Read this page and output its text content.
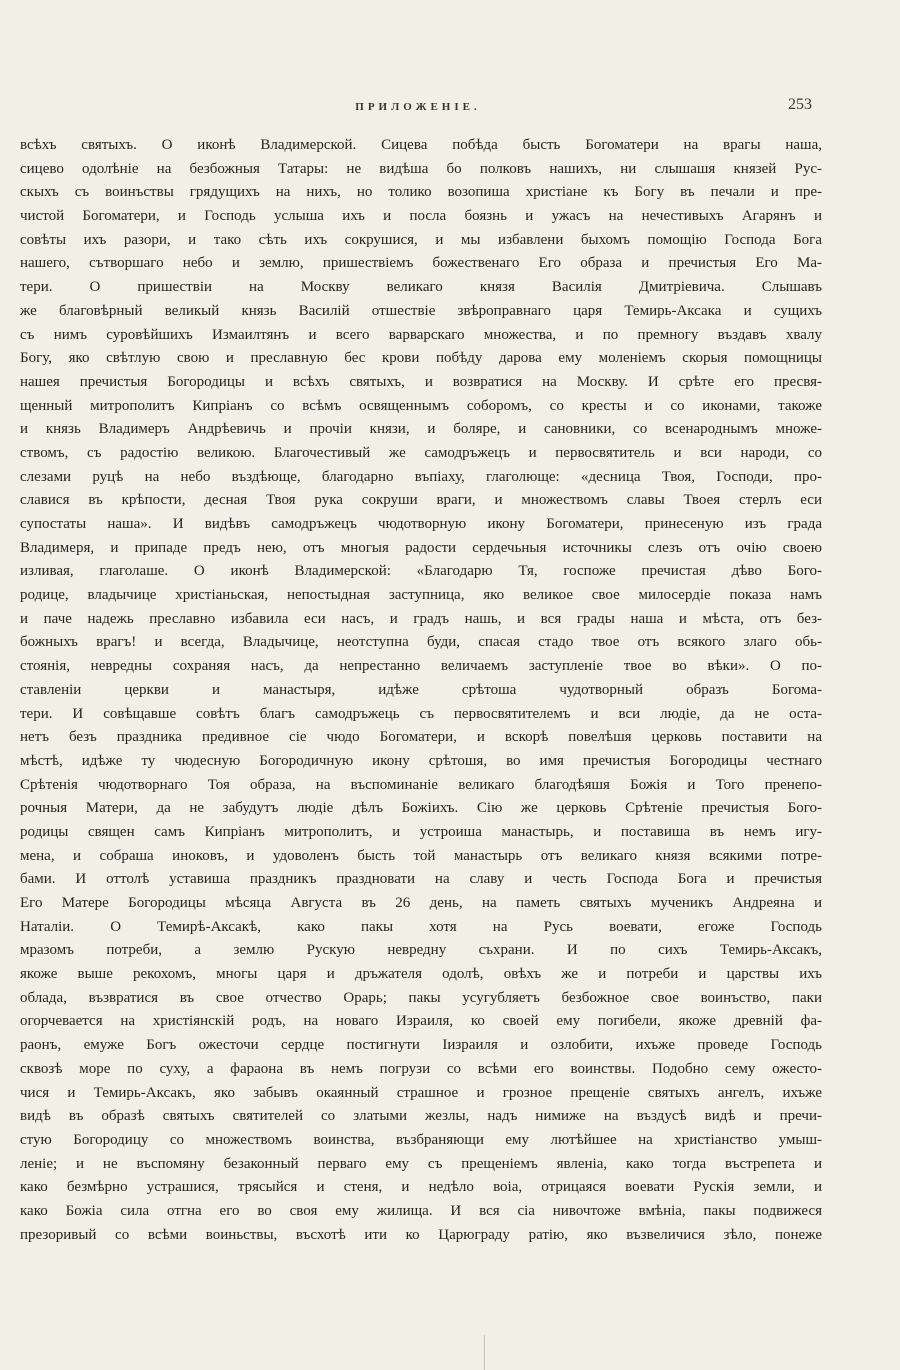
ПРИЛОЖЕНІЕ.	253
всѣхъ святыхъ. О иконѣ Владимерской. Сицева побѣда бысть Богоматери на врагы наша,
сицево одолѣніе на безбожныя Татары: не видѣша бо полковъ нашихъ, ни слышашя князей Рус-
скыхъ съ воинъствы грядущихъ на нихъ, но толико возопиша христiане къ Богу въ печали и пре-
чистой Богоматери, и Господь услыша ихъ и посла боязнь и ужасъ на нечестивыхъ Агарянъ и
совѣты ихъ разори, и тако сѣть ихъ сокрушися, и мы избавлени быхомъ помощiю Господа Бога
нашего, сътворшаго небо и землю, пришествiемъ божественаго Его образа и пречистыя Его Ма-
тери. О пришествіи на Москву великаго князя Василія Дмитріевича. Слышавъ
же благовѣрный великый князь Василiй отшествiе звѣроправнаго царя Темирь-Аксака и сущихъ
съ нимъ суровѣйшихъ Измаилтянъ и всего варварскаго множества, и по премногу въздавъ хвалу
Богу, яко свѣтлую свою и преславную бес крови побѣду дарова ему моленiемъ скорыя помощницы
нашея пречистыя Богородицы и всѣхъ святыхъ, и возвратися на Москву. И срѣте его пресвя-
щенный митрополитъ Кипрiанъ со всѣмъ освященнымъ соборомъ, со кресты и со иконами, такоже
и князь Владимеръ Андрѣевичь и прочiи князи, и боляре, и сановники, со всенароднымъ множе-
ствомъ, съ радостiю великою. Благочестивый же самодръжецъ и первосвятитель и вси народи, со
слезами руцѣ на небо въздѣюще, благодарно въпiаху, глаголюще: «десница Твоя, Господи, про-
славися въ крѣпости, десная Твоя рука сокруши враги, и множествомъ славы Твоея стерлъ еси
супостаты наша». И видѣвъ самодръжецъ чюдотворную икону Богоматери, принесеную изъ града
Владимеря, и припаде предъ нею, отъ многыя радости сердечьныя источникы слезъ отъ очiю своею
изливая, глаголаше. О иконѣ Владимерской: «Благодарю Тя, госпоже пречистая дѣво Бого-
родице, владычице христiаньская, непостыдная заступница, яко великое свое милосердiе показа намъ
и паче надежь преславно избавила еси насъ, и градъ нашь, и вся грады наша и мѣста, отъ без-
божныхъ врагъ! и всегда, Владычице, неотступна буди, спасая стадо твое отъ всякого злаго обь-
стоянiя, невредны сохраняя насъ, да непрестанно величаемъ заступленiе твое во вѣки». О по-
ставленіи церкви и манастыря, идѣже срѣтоша чудотворный образъ Богома-
тери. И совѣщавше совѣтъ благъ самодръжець съ первосвятителемъ и вси людiе, да не оста-
нетъ безъ праздника предивное сiе чюдо Богоматери, и вскорѣ повелѣшя церковь поставити на
мѣстѣ, идѣже ту чюдесную Богородичную икону срѣтошя, во имя пречистыя Богородицы честнаго
Срѣтенiя чюдотворнаго Тоя образа, на въспоминанiе великаго благодѣяшя Божiя и Того пренепо-
рочныя Матери, да не забудутъ людiе дѣлъ Божiихъ. Сiю же церковь Срѣтенiе пречистыя Бого-
родицы священ самъ Кипрiанъ митрополитъ, и устроиша манастырь, и поставиша въ немъ игу-
мена, и собраша иноковъ, и удоволенъ бысть той манастырь отъ великаго князя всякими потре-
бами. И оттолѣ уставиша праздникъ праздновати на славу и честь Господа Бога и пречистыя
Его Матере Богородицы мѣсяца Августа въ 26 день, на паметь святыхъ мученикъ Андреяна и
Наталiи. О Темирѣ-Аксакѣ, како пакы хотя на Русь воевати, егоже Господь
мразомъ потреби, а землю Рускую невредну съхрани. И по сихъ Темирь-Аксакъ,
якоже выше рекохомъ, многы царя и дръжателя одолѣ, овѣхъ же и потреби и царствы ихъ
облада, възвратися въ свое отчество Орарь; пакы усугубляетъ безбожное свое воинъство, паки
огорчевается на христiянскiй родъ, на новаго Израиля, ко своей ему погибели, якоже древнiй фа-
раонъ, емуже Богъ ожесточи сердце постигнути Iизраиля и озлобити, ихъже проведе Господь
сквозѣ море по суху, а фараона въ немъ погрузи со всѣми его воинствы. Подобно сему ожесто-
чися и Темирь-Аксакъ, яко забывъ окаянный страшное и грозное прещенiе святыхъ ангелъ, ихъже
видѣ въ образѣ святыхъ святителей со златыми жезлы, надъ нимиже на въздусѣ видѣ и пречи-
стую Богородицу со множествомъ воинства, възбраняющи ему лютѣйшее на христiанство умыш-
ленiе; и не въспомяну безаконный перваго ему съ прещенiемъ явленiа, како тогда въстрепета и
како безмѣрно устрашися, трясыйся и стеня, и недѣло воiа, отрицаяся воевати Рускiя земли, и
како Божiа сила отгна его во своя ему жилища. И вся сiа нивочтоже вмѣнiа, пакы подвижеся
презоривый со всѣми воиньствы, въсхотѣ ити ко Царюграду ратiю, яко възвеличися зѣло, понеже
